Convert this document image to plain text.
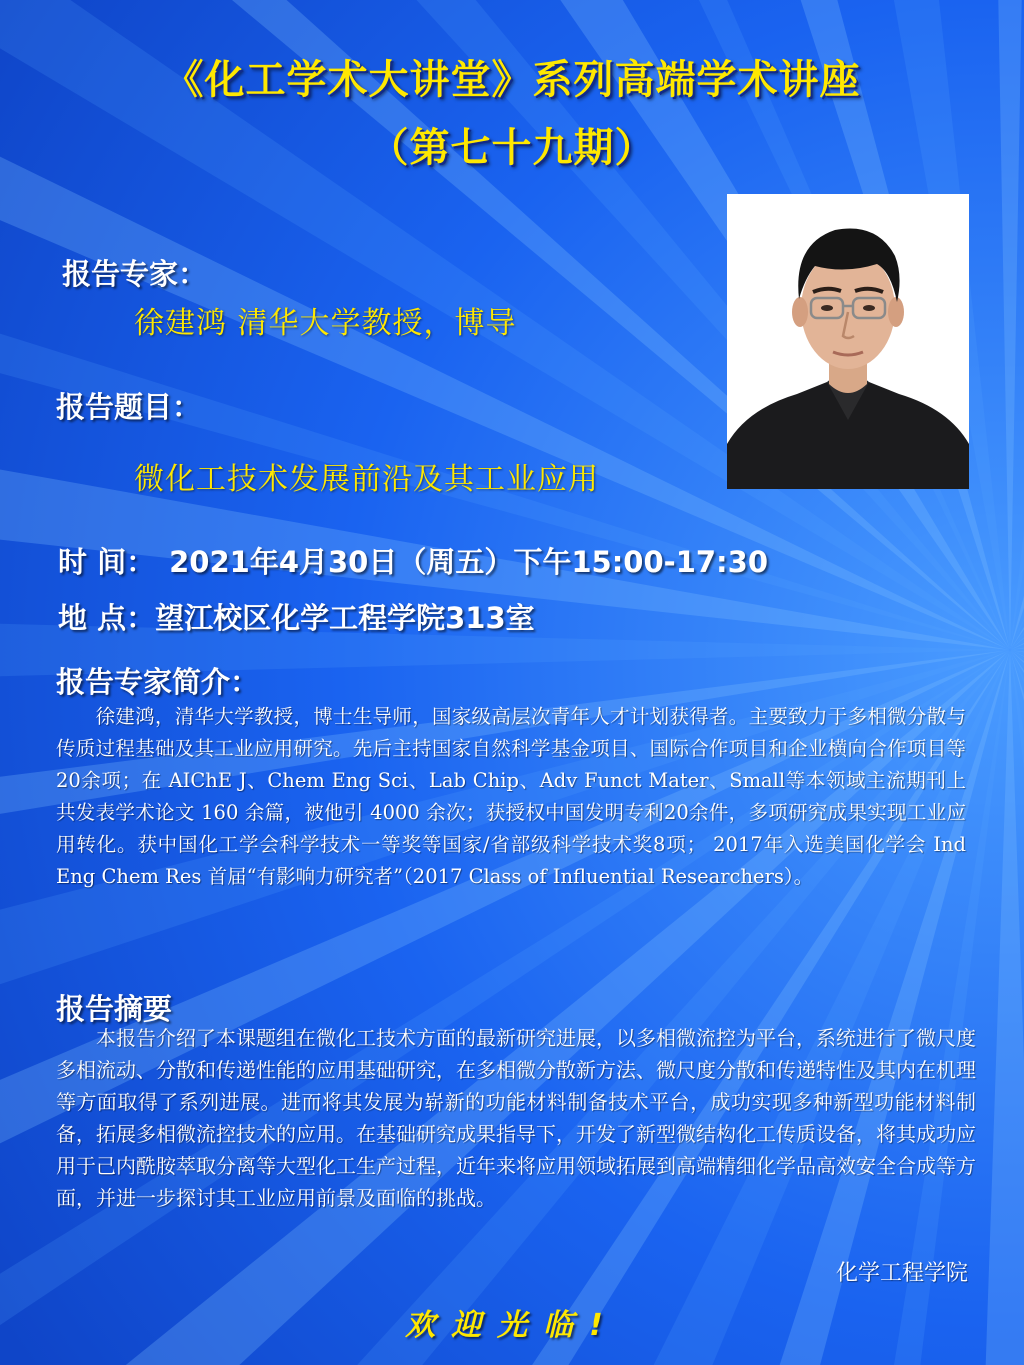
《化工学术大讲堂》系列高端学术讲座
（第七十九期）
报告专家：
徐建鸿 清华大学教授，博导
报告题目：
微化工技术发展前沿及其工业应用
时 间： 2021年4月30日（周五）下午15:00-17:30
地 点：望江校区化学工程学院313室
报告专家简介：
　　徐建鸿，清华大学教授，博士生导师，国家级高层次青年人才计划获得者。主要致力于多相微分散与传质过程基础及其工业应用研究。先后主持国家自然科学基金项目、国际合作项目和企业横向合作项目等20余项；在 AIChE J、Chem Eng Sci、Lab Chip、Adv Funct Mater、Small等本领域主流期刊上共发表学术论文 160 余篇，被他引 4000 余次；获授权中国发明专利20余件，多项研究成果实现工业应用转化。获中国化工学会科学技术一等奖等国家/省部级科学技术奖8项； 2017年入选美国化学会 Ind Eng Chem Res 首届“有影响力研究者”（2017 Class of Influential Researchers）。
报告摘要
　　本报告介绍了本课题组在微化工技术方面的最新研究进展，以多相微流控为平台，系统进行了微尺度多相流动、分散和传递性能的应用基础研究，在多相微分散新方法、微尺度分散和传递特性及其内在机理等方面取得了系列进展。进而将其发展为崭新的功能材料制备技术平台，成功实现多种新型功能材料制备，拓展多相微流控技术的应用。在基础研究成果指导下，开发了新型微结构化工传质设备，将其成功应用于己内酰胺萃取分离等大型化工生产过程，近年来将应用领域拓展到高端精细化学品高效安全合成等方面，并进一步探讨其工业应用前景及面临的挑战。
化学工程学院
欢迎光临!
